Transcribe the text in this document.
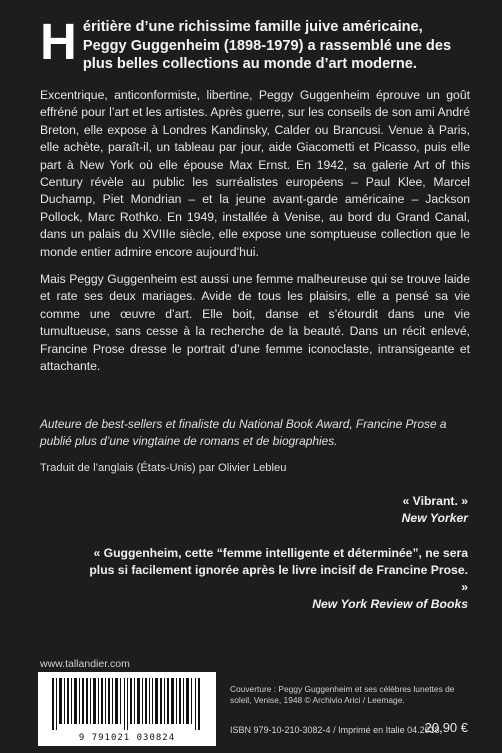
Héritière d’une richissime famille juive américaine, Peggy Guggenheim (1898-1979) a rassemblé une des plus belles collections au monde d’art moderne.

Excentrique, anticonformiste, libertine, Peggy Guggenheim éprouve un goût effréné pour l’art et les artistes. Après guerre, sur les conseils de son ami André Breton, elle expose à Londres Kandinsky, Calder ou Brancusi. Venue à Paris, elle achète, paraît-il, un tableau par jour, aide Giacometti et Picasso, puis elle part à New York où elle épouse Max Ernst. En 1942, sa galerie Art of this Century révèle au public les surréalistes européens – Paul Klee, Marcel Duchamp, Piet Mondrian – et la jeune avant-garde américaine – Jackson Pollock, Marc Rothko. En 1949, installée à Venise, au bord du Grand Canal, dans un palais du XVIIIe siècle, elle expose une somptueuse collection que le monde entier admire encore aujourd’hui.

Mais Peggy Guggenheim est aussi une femme malheureuse qui se trouve laide et rate ses deux mariages. Avide de tous les plaisirs, elle a pensé sa vie comme une œuvre d’art. Elle boit, danse et s’étourdit dans une vie tumultueuse, sans cesse à la recherche de la beauté. Dans un récit enlevé, Francine Prose dresse le portrait d’une femme iconoclaste, intransigeante et attachante.

Auteure de best-sellers et finaliste du National Book Award, Francine Prose a publié plus d’une vingtaine de romans et de biographies.
Traduit de l’anglais (États-Unis) par Olivier Lebleu
« Vibrant. »
New Yorker
« Guggenheim, cette “femme intelligente et déterminée”, ne sera plus si facilement ignorée après le livre incisif de Francine Prose. »
New York Review of Books
www.tallandier.com
9 791021 030824
Couverture : Peggy Guggenheim et ses célèbres lunettes de soleil, Venise, 1948 © Archivio Arici / Leemage.
ISBN 979-10-210-3082-4 / Imprimé en Italie 04.2018
20,90 €
